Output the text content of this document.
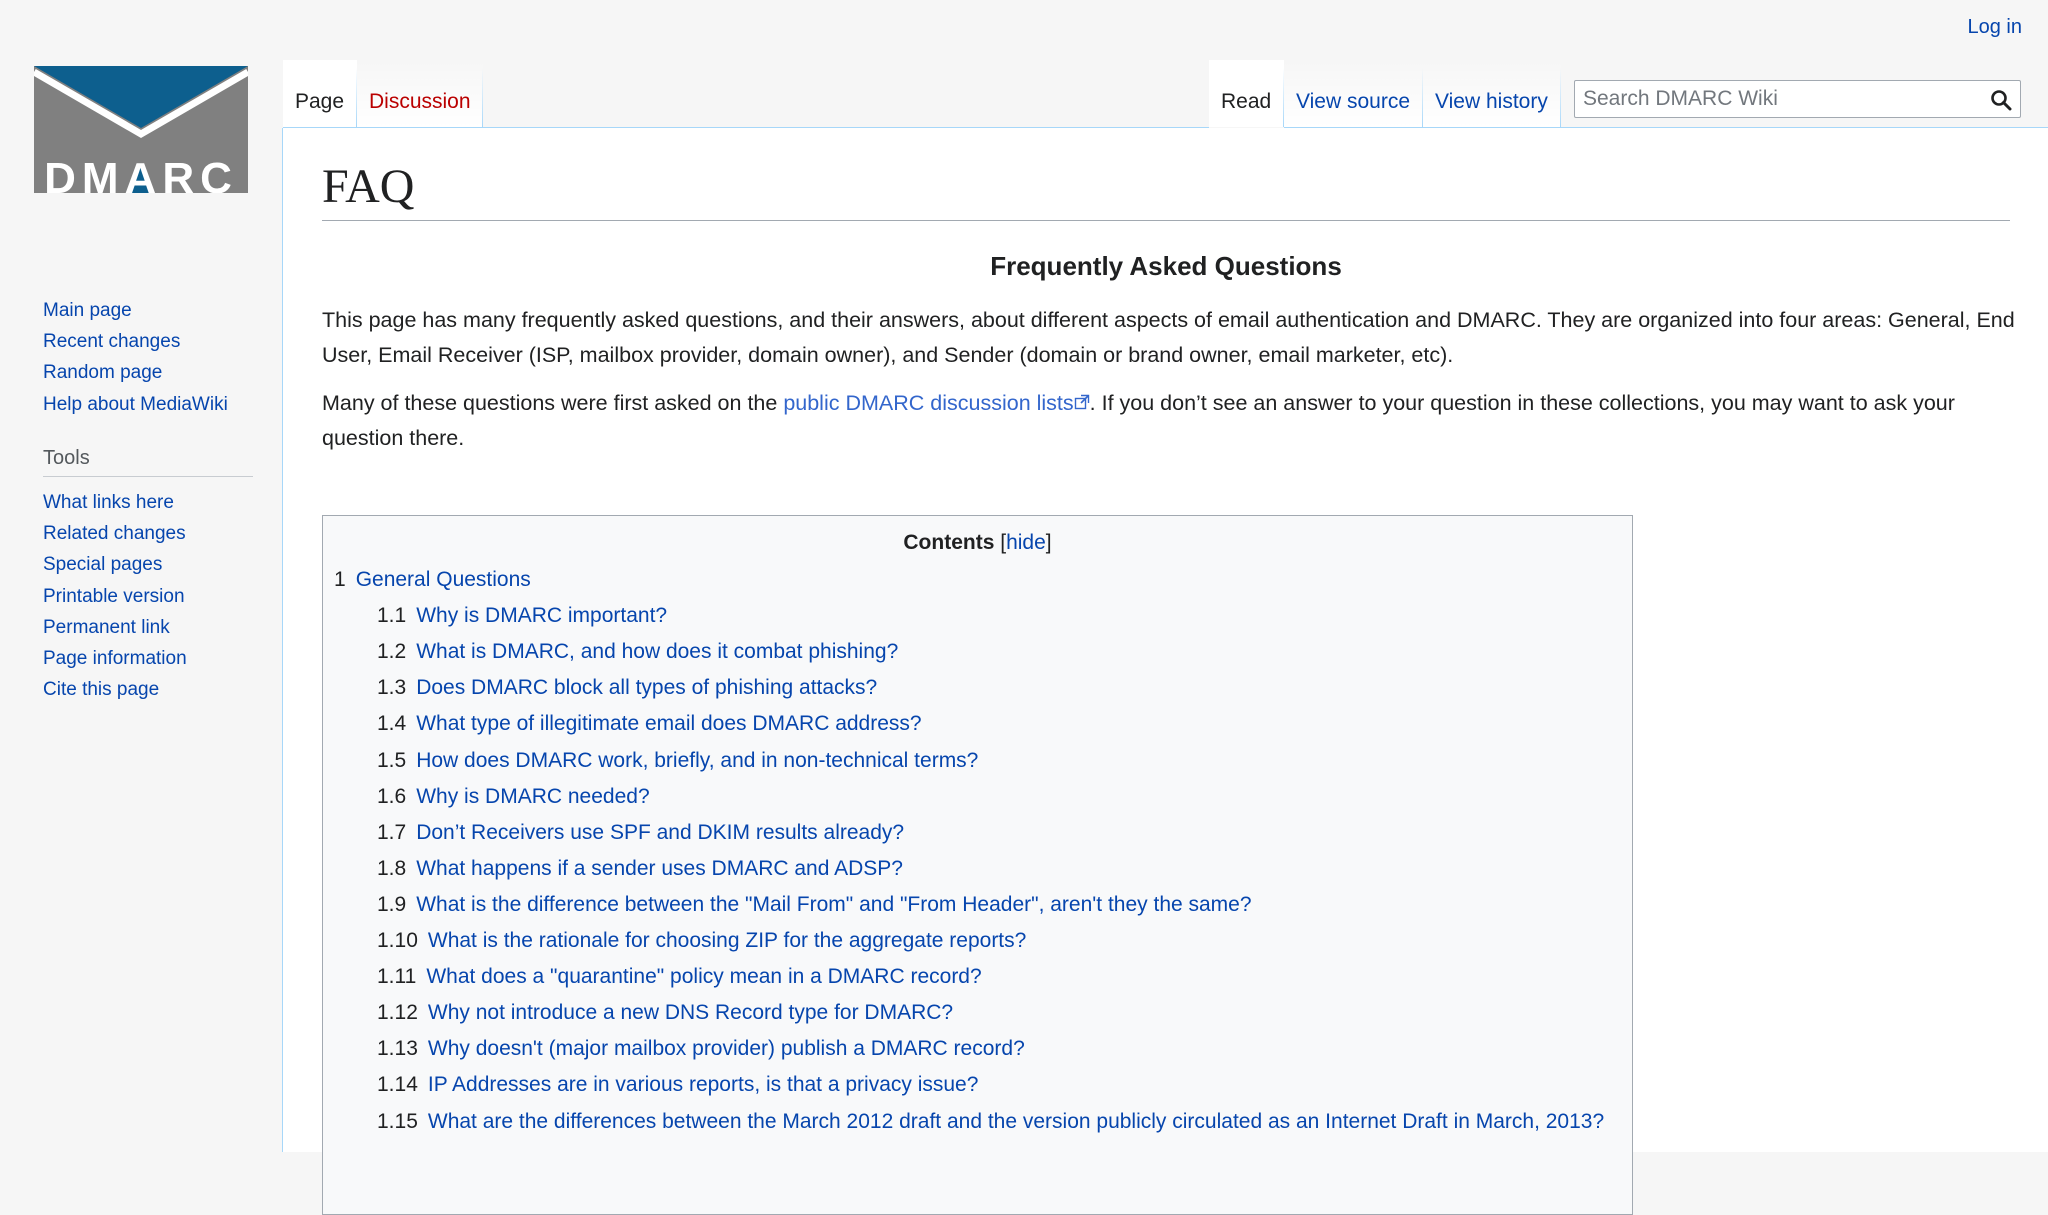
Log in
DMARC
Main page
Recent changes
Random page
Help about MediaWiki
Tools
What links here
Related changes
Special pages
Printable version
Permanent link
Page information
Cite this page
Page	Discussion	Read	View source	View history
Search DMARC Wiki
FAQ
Frequently Asked Questions

This page has many frequently asked questions, and their answers, about different aspects of email authentication and DMARC. They are organized into four areas: General, End User, Email Receiver (ISP, mailbox provider, domain owner), and Sender (domain or brand owner, email marketer, etc).

Many of these questions were first asked on the public DMARC discussion lists . If you don’t see an answer to your question in these collections, you may want to ask your question there.

Contents [hide]
1 General Questions
1.1 Why is DMARC important?
1.2 What is DMARC, and how does it combat phishing?
1.3 Does DMARC block all types of phishing attacks?
1.4 What type of illegitimate email does DMARC address?
1.5 How does DMARC work, briefly, and in non-technical terms?
1.6 Why is DMARC needed?
1.7 Don’t Receivers use SPF and DKIM results already?
1.8 What happens if a sender uses DMARC and ADSP?
1.9 What is the difference between the "Mail From" and "From Header", aren't they the same?
1.10 What is the rationale for choosing ZIP for the aggregate reports?
1.11 What does a "quarantine" policy mean in a DMARC record?
1.12 Why not introduce a new DNS Record type for DMARC?
1.13 Why doesn't (major mailbox provider) publish a DMARC record?
1.14 IP Addresses are in various reports, is that a privacy issue?
1.15 What are the differences between the March 2012 draft and the version publicly circulated as an Internet Draft in March, 2013?
